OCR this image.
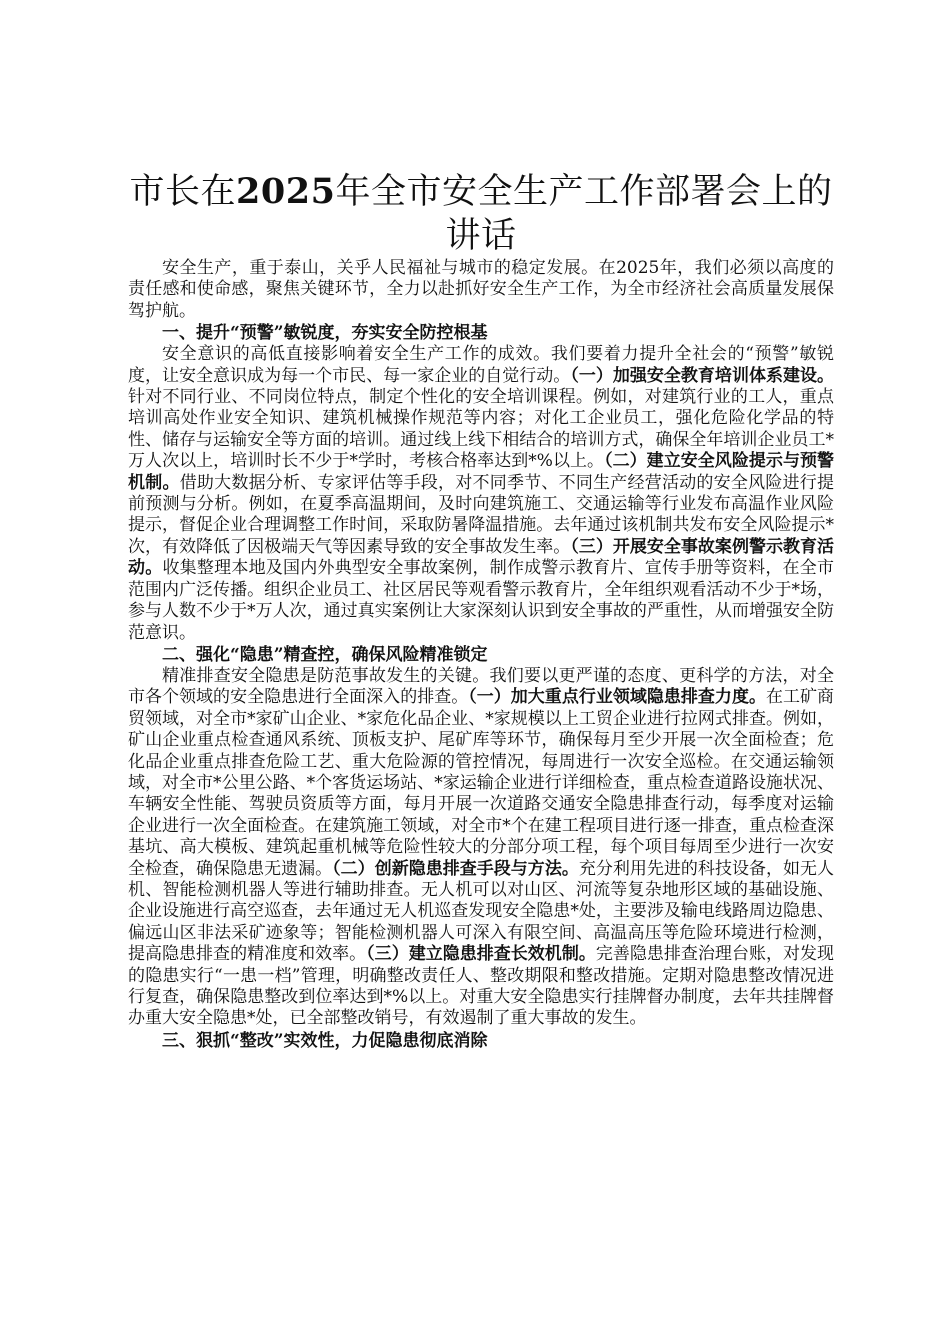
市长在2025年全市安全生产工作部署会上的讲话

安全生产，重于泰山，关乎人民福祉与城市的稳定发展。在2025年，我们必须以高度的责任感和使命感，聚焦关键环节，全力以赴抓好安全生产工作，为全市经济社会高质量发展保驾护航。

一、提升“预警”敏锐度，夯实安全防控根基

安全意识的高低直接影响着安全生产工作的成效。我们要着力提升全社会的“预警”敏锐度，让安全意识成为每一个市民、每一家企业的自觉行动。（一）加强安全教育培训体系建设。针对不同行业、不同岗位特点，制定个性化的安全培训课程。例如，对建筑行业的工人，重点培训高处作业安全知识、建筑机械操作规范等内容；对化工企业员工，强化危险化学品的特性、储存与运输安全等方面的培训。通过线上线下相结合的培训方式，确保全年培训企业员工*万人次以上，培训时长不少于*学时，考核合格率达到*%以上。（二）建立安全风险提示与预警机制。借助大数据分析、专家评估等手段，对不同季节、不同生产经营活动的安全风险进行提前预测与分析。例如，在夏季高温期间，及时向建筑施工、交通运输等行业发布高温作业风险提示，督促企业合理调整工作时间，采取防暑降温措施。去年通过该机制共发布安全风险提示*次，有效降低了因极端天气等因素导致的安全事故发生率。（三）开展安全事故案例警示教育活动。收集整理本地及国内外典型安全事故案例，制作成警示教育片、宣传手册等资料，在全市范围内广泛传播。组织企业员工、社区居民等观看警示教育片，全年组织观看活动不少于*场，参与人数不少于*万人次，通过真实案例让大家深刻认识到安全事故的严重性，从而增强安全防范意识。

二、强化“隐患”精查控，确保风险精准锁定

精准排查安全隐患是防范事故发生的关键。我们要以更严谨的态度、更科学的方法，对全市各个领域的安全隐患进行全面深入的排查。（一）加大重点行业领域隐患排查力度。在工矿商贸领域，对全市*家矿山企业、*家危化品企业、*家规模以上工贸企业进行拉网式排查。例如，矿山企业重点检查通风系统、顶板支护、尾矿库等环节，确保每月至少开展一次全面检查；危化品企业重点排查危险工艺、重大危险源的管控情况，每周进行一次安全巡检。在交通运输领域，对全市*公里公路、*个客货运场站、*家运输企业进行详细检查，重点检查道路设施状况、车辆安全性能、驾驶员资质等方面，每月开展一次道路交通安全隐患排查行动，每季度对运输企业进行一次全面检查。在建筑施工领域，对全市*个在建工程项目进行逐一排查，重点检查深基坑、高大模板、建筑起重机械等危险性较大的分部分项工程，每个项目每周至少进行一次安全检查，确保隐患无遗漏。（二）创新隐患排查手段与方法。充分利用先进的科技设备，如无人机、智能检测机器人等进行辅助排查。无人机可以对山区、河流等复杂地形区域的基础设施、企业设施进行高空巡查，去年通过无人机巡查发现安全隐患*处，主要涉及输电线路周边隐患、偏远山区非法采矿迹象等；智能检测机器人可深入有限空间、高温高压等危险环境进行检测，提高隐患排查的精准度和效率。（三）建立隐患排查长效机制。完善隐患排查治理台账，对发现的隐患实行“一患一档”管理，明确整改责任人、整改期限和整改措施。定期对隐患整改情况进行复查，确保隐患整改到位率达到*%以上。对重大安全隐患实行挂牌督办制度，去年共挂牌督办重大安全隐患*处，已全部整改销号，有效遏制了重大事故的发生。

三、狠抓“整改”实效性，力促隐患彻底消除
